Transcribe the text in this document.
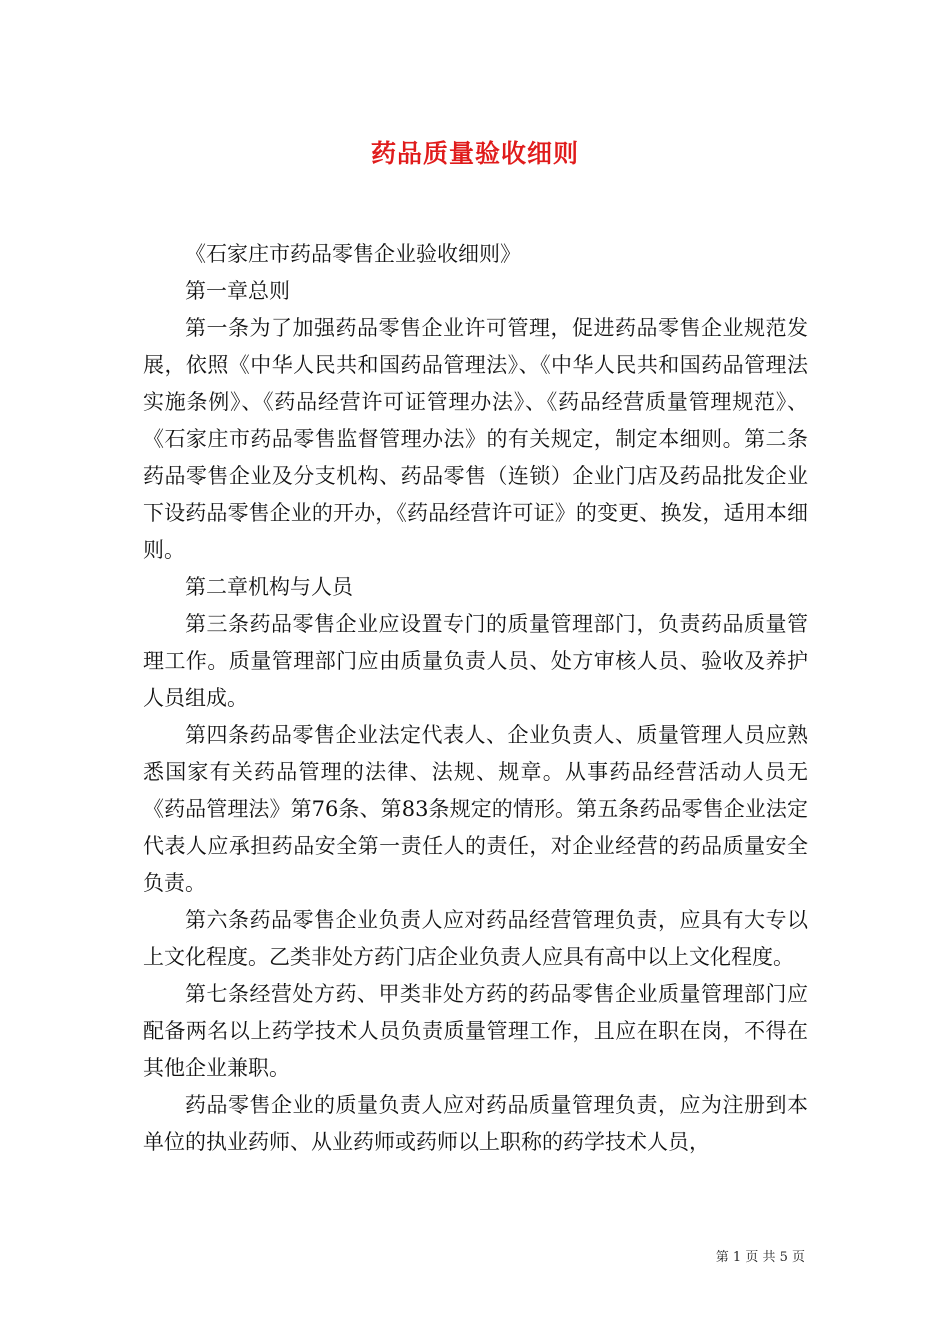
药品质量验收细则

《石家庄市药品零售企业验收细则》

第一章总则

第一条为了加强药品零售企业许可管理，促进药品零售企业规范发展，依照《中华人民共和国药品管理法》、《中华人民共和国药品管理法实施条例》、《药品经营许可证管理办法》、《药品经营质量管理规范》、《石家庄市药品零售监督管理办法》的有关规定，制定本细则。第二条药品零售企业及分支机构、药品零售（连锁）企业门店及药品批发企业下设药品零售企业的开办，《药品经营许可证》的变更、换发，适用本细则。

第二章机构与人员

第三条药品零售企业应设置专门的质量管理部门，负责药品质量管理工作。质量管理部门应由质量负责人员、处方审核人员、验收及养护人员组成。

第四条药品零售企业法定代表人、企业负责人、质量管理人员应熟悉国家有关药品管理的法律、法规、规章。从事药品经营活动人员无《药品管理法》第76条、第83条规定的情形。第五条药品零售企业法定代表人应承担药品安全第一责任人的责任，对企业经营的药品质量安全负责。

第六条药品零售企业负责人应对药品经营管理负责，应具有大专以上文化程度。乙类非处方药门店企业负责人应具有高中以上文化程度。

第七条经营处方药、甲类非处方药的药品零售企业质量管理部门应配备两名以上药学技术人员负责质量管理工作，且应在职在岗，不得在其他企业兼职。

药品零售企业的质量负责人应对药品质量管理负责，应为注册到本单位的执业药师、从业药师或药师以上职称的药学技术人员，

第 1 页 共 5 页
